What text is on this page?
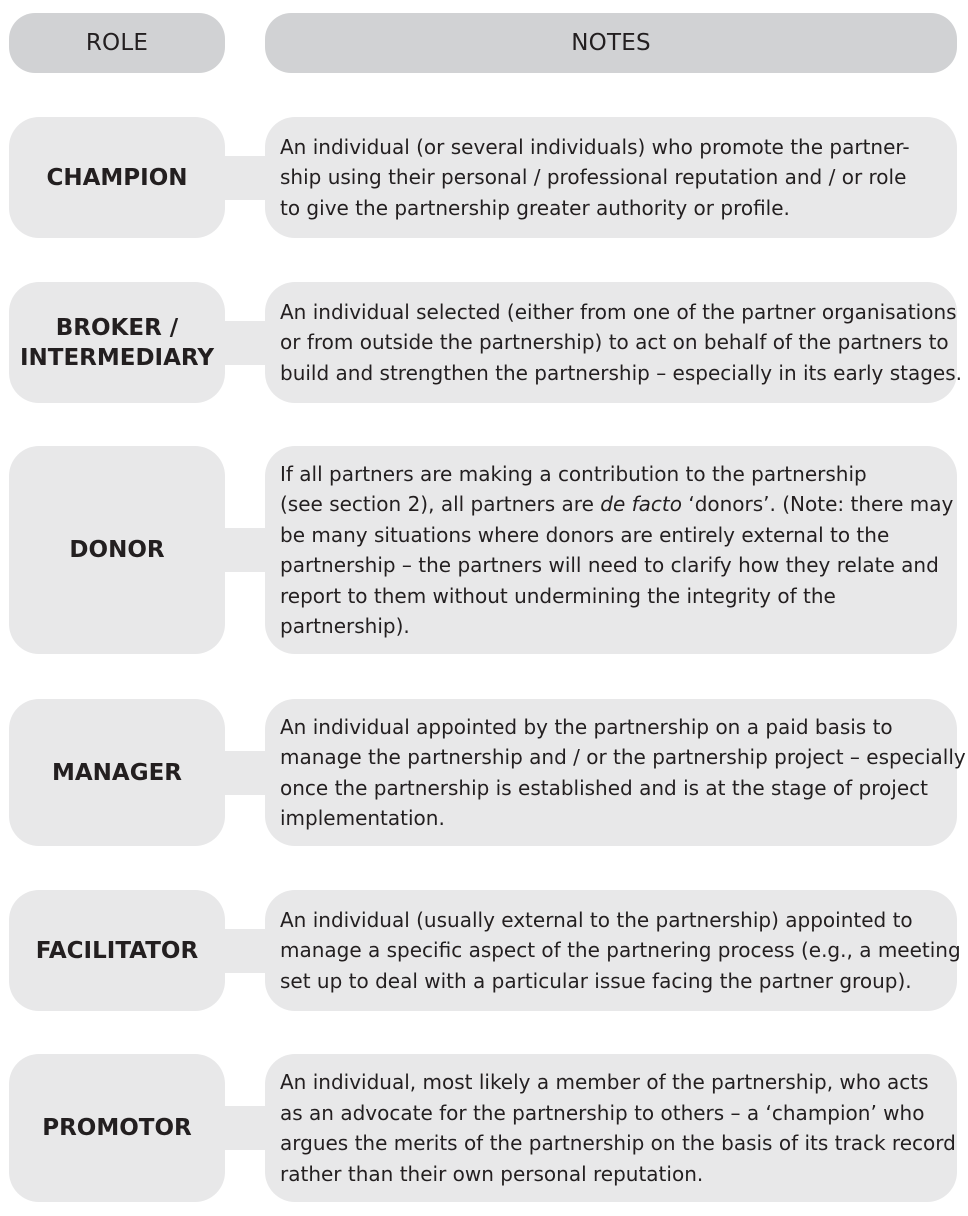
ROLE	NOTES
CHAMPION
An individual (or several individuals) who promote the partner-
ship using their personal / professional reputation and / or role
to give the partnership greater authority or profile.
BROKER /
INTERMEDIARY
An individual selected (either from one of the partner organisations
or from outside the partnership) to act on behalf of the partners to
build and strengthen the partnership – especially in its early stages.
DONOR
If all partners are making a contribution to the partnership
(see section 2), all partners are de facto ‘donors’. (Note: there may
be many situations where donors are entirely external to the
partnership – the partners will need to clarify how they relate and
report to them without undermining the integrity of the
partnership).
MANAGER
An individual appointed by the partnership on a paid basis to
manage the partnership and / or the partnership project – especially
once the partnership is established and is at the stage of project
implementation.
FACILITATOR
An individual (usually external to the partnership) appointed to
manage a specific aspect of the partnering process (e.g., a meeting
set up to deal with a particular issue facing the partner group).
PROMOTOR
An individual, most likely a member of the partnership, who acts
as an advocate for the partnership to others – a ‘champion’ who
argues the merits of the partnership on the basis of its track record
rather than their own personal reputation.
